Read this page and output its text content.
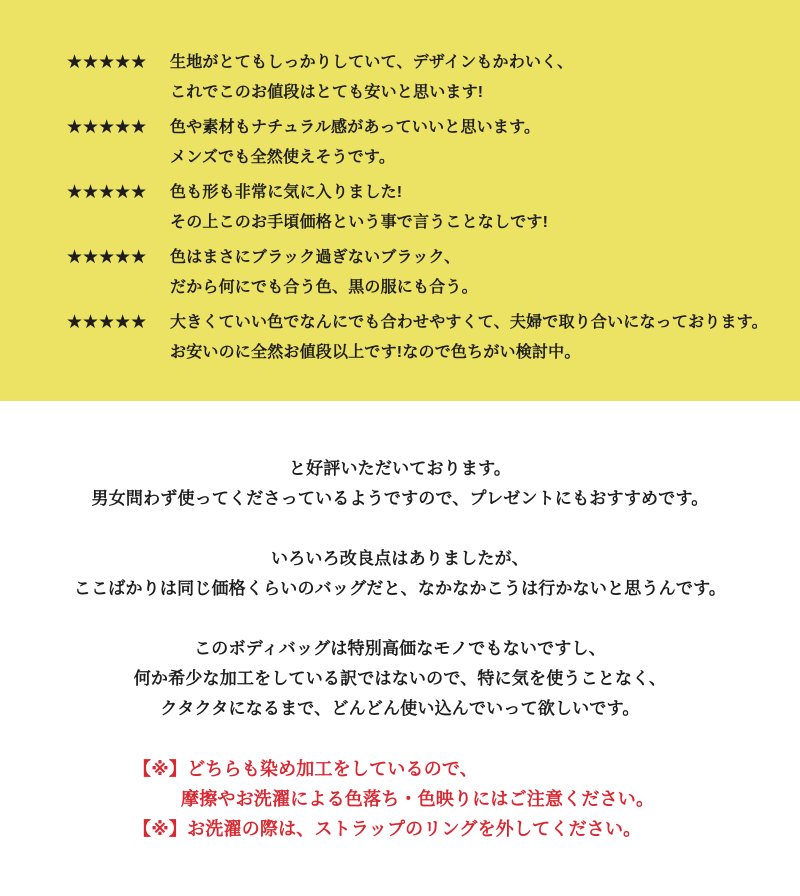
★★★★★	生地がとてもしっかりしていて、デザインもかわいく、
これでこのお値段はとても安いと思います!
★★★★★	色や素材もナチュラル感があっていいと思います。
メンズでも全然使えそうです。
★★★★★	色も形も非常に気に入りました!
その上このお手頃価格という事で言うことなしです!
★★★★★	色はまさにブラック過ぎないブラック、
だから何にでも合う色、黒の服にも合う。
★★★★★	大きくていい色でなんにでも合わせやすくて、夫婦で取り合いになっております。
お安いのに全然お値段以上です!なので色ちがい検討中。
と好評いただいております。
男女問わず使ってくださっているようですので、プレゼントにもおすすめです。
いろいろ改良点はありましたが、
ここばかりは同じ価格くらいのバッグだと、なかなかこうは行かないと思うんです。
このボディバッグは特別高価なモノでもないですし、
何か希少な加工をしている訳ではないので、特に気を使うことなく、
クタクタになるまで、どんどん使い込んでいって欲しいです。
【※】どちらも染め加工をしているので、
摩擦やお洗濯による色落ち・色映りにはご注意ください。
【※】お洗濯の際は、ストラップのリングを外してください。
